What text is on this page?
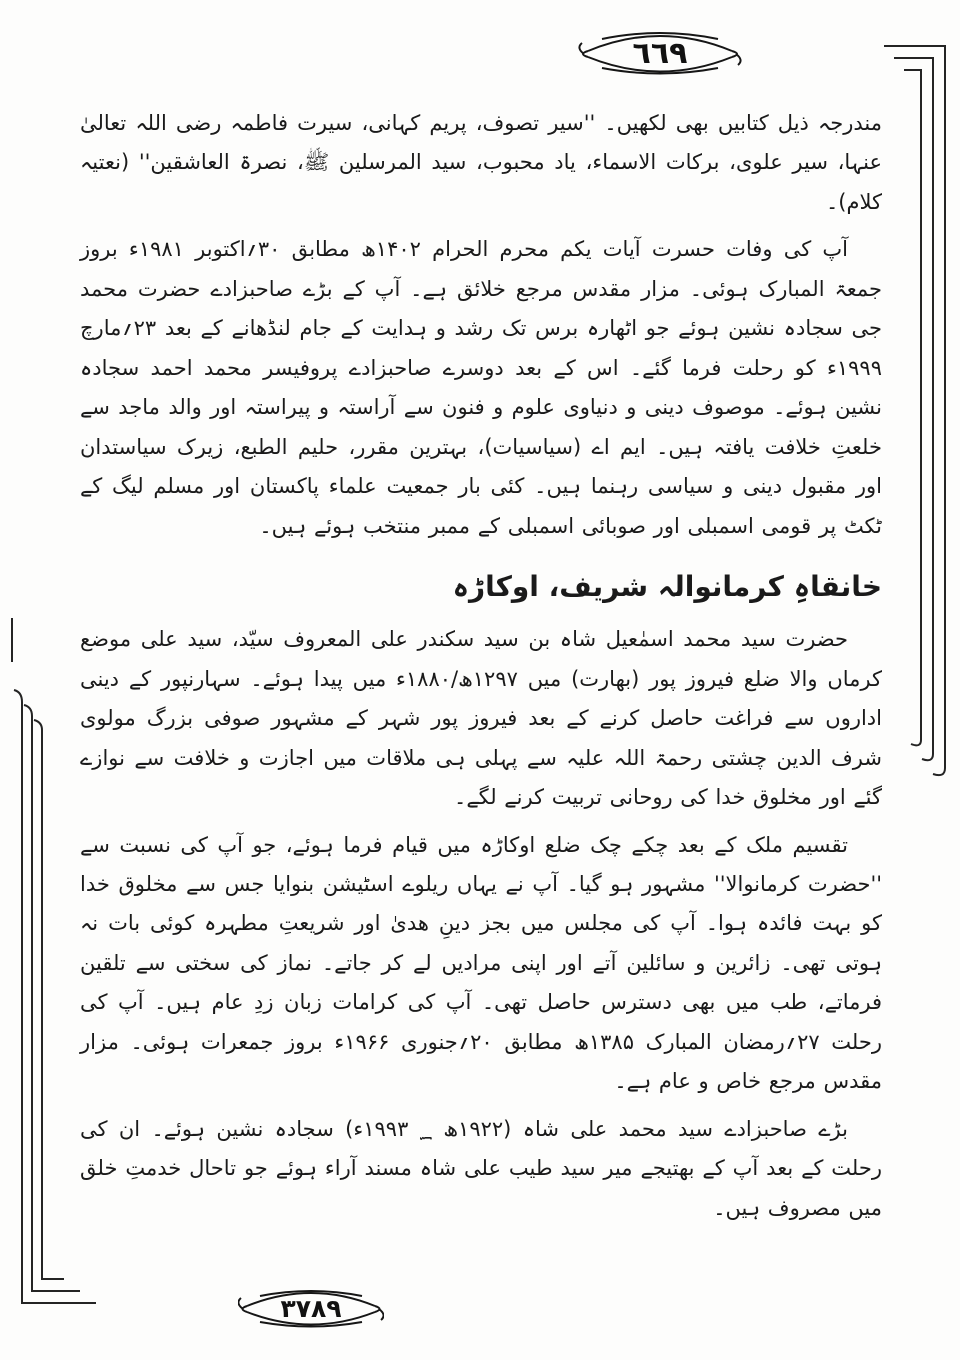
٦٦٩

مندرجہ ذیل کتابیں بھی لکھیں۔ ''سیر تصوف، پریم کہانی، سیرت فاطمہ رضی اللہ تعالیٰ عنہا، سیر علوی، برکات الاسماء، یاد محبوب، سید المرسلین ﷺ، نصرۃ العاشقین'' (نعتیہ کلام)۔

آپ کی وفات حسرت آیات یکم محرم الحرام ۱۴۰۲ھ مطابق ۳۰؍اکتوبر ۱۹۸۱ء بروز جمعۃ المبارک ہوئی۔ مزار مقدس مرجع خلائق ہے۔ آپ کے بڑے صاحبزادے حضرت محمد جی سجادہ نشین ہوئے جو اٹھارہ برس تک رشد و ہدایت کے جام لنڈھانے کے بعد ۲۳؍مارچ ۱۹۹۹ء کو رحلت فرما گئے۔ اس کے بعد دوسرے صاحبزادے پروفیسر محمد احمد سجادہ نشین ہوئے۔ موصوف دینی و دنیاوی علوم و فنون سے آراستہ و پیراستہ اور والد ماجد سے خلعتِ خلافت یافتہ ہیں۔ ایم اے (سیاسیات)، بہترین مقرر، حلیم الطبع، زیرک سیاستدان اور مقبول دینی و سیاسی رہنما ہیں۔ کئی بار جمعیت علماء پاکستان اور مسلم لیگ کے ٹکٹ پر قومی اسمبلی اور صوبائی اسمبلی کے ممبر منتخب ہوئے ہیں۔

خانقاہِ کرمانوالہ شریف، اوکاڑہ

حضرت سید محمد اسمٰعیل شاہ بن سید سکندر علی المعروف سیّد، سید علی موضع کرماں والا ضلع فیروز پور (بھارت) میں ۱۲۹۷ھ/۱۸۸۰ء میں پیدا ہوئے۔ سہارنپور کے دینی اداروں سے فراغت حاصل کرنے کے بعد فیروز پور شہر کے مشہور صوفی بزرگ مولوی شرف الدین چشتی رحمۃ اللہ علیہ سے پہلی ہی ملاقات میں اجازت و خلافت سے نوازے گئے اور مخلوق خدا کی روحانی تربیت کرنے لگے۔

تقسیم ملک کے بعد چکے چک ضلع اوکاڑہ میں قیام فرما ہوئے، جو آپ کی نسبت سے ''حضرت کرمانوالا'' مشہور ہو گیا۔ آپ نے یہاں ریلوے اسٹیشن بنوایا جس سے مخلوق خدا کو بہت فائدہ ہوا۔ آپ کی مجلس میں بجز دینِ ھدیٰ اور شریعتِ مطہرہ کوئی بات نہ ہوتی تھی۔ زائرین و سائلین آتے اور اپنی مرادیں لے کر جاتے۔ نماز کی سختی سے تلقین فرماتے، طب میں بھی دسترس حاصل تھی۔ آپ کی کرامات زبان زدِ عام ہیں۔ آپ کی رحلت ۲۷؍رمضان المبارک ۱۳۸۵ھ مطابق ۲۰؍جنوری ۱۹۶۶ء بروز جمعرات ہوئی۔ مزار مقدس مرجع خاص و عام ہے۔

بڑے صاحبزادے سید محمد علی شاہ (۱۹۲۲ھ ؁ ۱۹۹۳ء) سجادہ نشین ہوئے۔ ان کی رحلت کے بعد آپ کے بھتیجے میر سید طیب علی شاہ مسند آراء ہوئے جو تاحال خدمتِ خلق میں مصروف ہیں۔

٣٧٨٩
